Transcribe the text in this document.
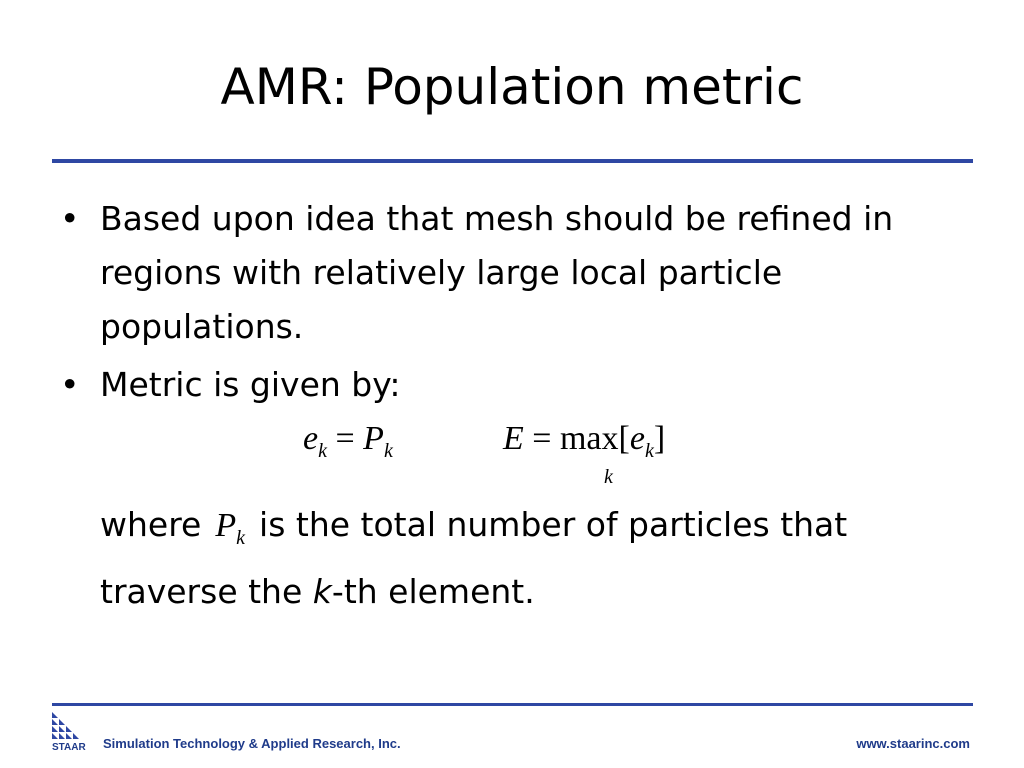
AMR: Population metric
• Based upon idea that mesh should be refined in regions with relatively large local particle populations.
• Metric is given by:
$e_k = P_k$	$E = \max[e_k]$
k
where $P_k$ is the total number of particles that traverse the k-th element.
STAAR Simulation Technology & Applied Research, Inc.	www.staarinc.com
